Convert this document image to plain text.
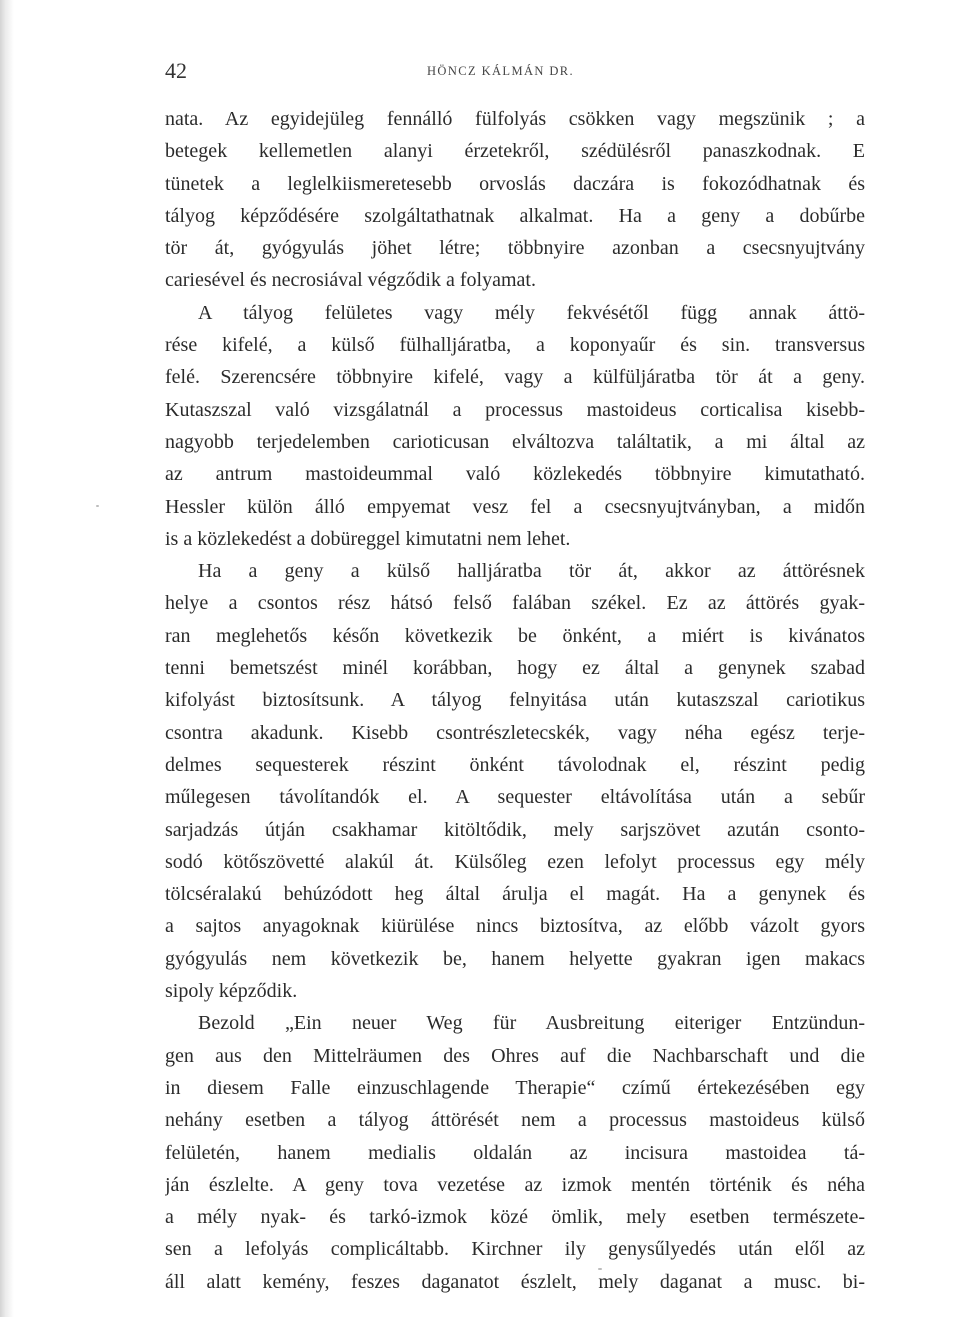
42	HÖNCZ KÁLMÁN DR.
nata. Az egyidejüleg fennálló fülfolyás csökken vagy megszünik ; a
betegek kellemetlen alanyi érzetekről, szédülésről panaszkodnak. E
tünetek a leglelkiismeretesebb orvoslás daczára is fokozódhatnak és
tályog képződésére szolgáltathatnak alkalmat. Ha a geny a dobűrbe
tör át, gyógyulás jöhet létre; többnyire azonban a csecsnyujtvány
cariesével és necrosiával végződik a folyamat.
A tályog felületes vagy mély fekvésétől függ annak áttö-
rése kifelé, a külső fülhalljáratba, a koponyaűr és sin. transversus
felé. Szerencsére többnyire kifelé, vagy a külfüljáratba tör át a geny.
Kutaszszal való vizsgálatnál a processus mastoideus corticalisa kisebb-
nagyobb terjedelemben carioticusan elváltozva találtatik, a mi által az
az antrum mastoideummal való közlekedés többnyire kimutatható.
Hessler külön álló empyemat vesz fel a csecsnyujtványban, a midőn
is a közlekedést a dobüreggel kimutatni nem lehet.
Ha a geny a külső halljáratba tör át, akkor az áttörésnek
helye a csontos rész hátsó felső falában székel. Ez az áttörés gyak-
ran meglehetős későn következik be önként, a miért is kivánatos
tenni bemetszést minél korábban, hogy ez által a genynek szabad
kifolyást biztosítsunk. A tályog felnyitása után kutaszszal cariotikus
csontra akadunk. Kisebb csontrészletecskék, vagy néha egész terje-
delmes sequesterek részint önként távolodnak el, részint pedig
műlegesen távolítandók el. A sequester eltávolítása után a sebűr
sarjadzás útján csakhamar kitöltődik, mely sarjszövet azután csonto-
sodó kötőszövetté alakúl át. Külsőleg ezen lefolyt processus egy mély
tölcséralakú behúzódott heg által árulja el magát. Ha a genynek és
a sajtos anyagoknak kiürülése nincs biztosítva, az előbb vázolt gyors
gyógyulás nem következik be, hanem helyette gyakran igen makacs
sipoly képződik.
Bezold „Ein neuer Weg für Ausbreitung eiteriger Entzündun-
gen aus den Mittelräumen des Ohres auf die Nachbarschaft und die
in diesem Falle einzuschlagende Therapie“ czímű értekezésében egy
nehány esetben a tályog áttörését nem a processus mastoideus külső
felületén, hanem medialis oldalán az incisura mastoidea tá-
ján észlelte. A geny tova vezetése az izmok mentén történik és néha
a mély nyak- és tarkó-izmok közé ömlik, mely esetben természete-
sen a lefolyás complicáltabb. Kirchner ily genysűlyedés után elől az
áll alatt kemény, feszes daganatot észlelt, mely daganat a musc. bi-
